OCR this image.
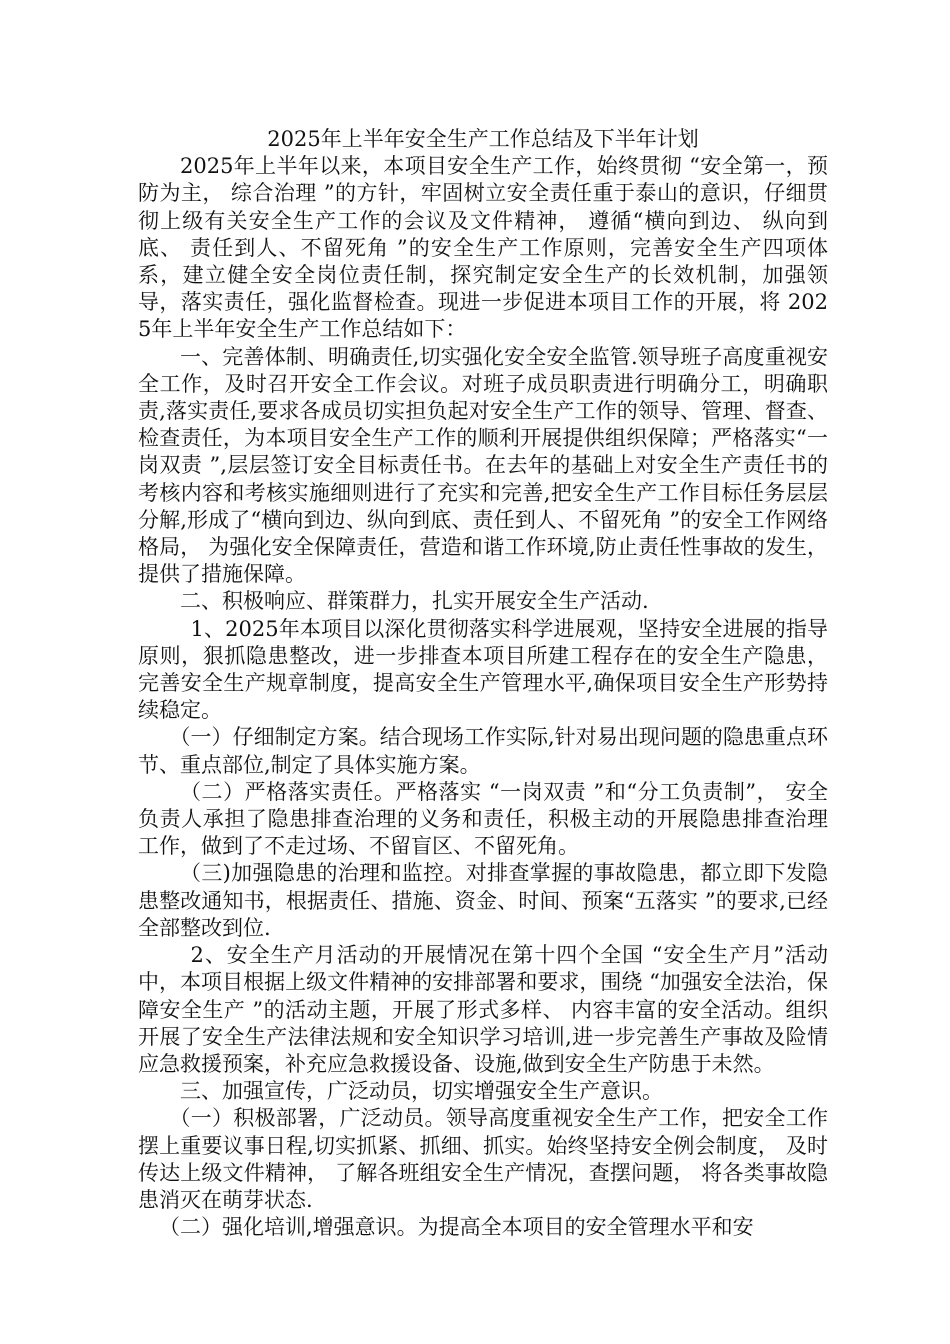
2025年上半年安全生产工作总结及下半年计划

2025年上半年以来，本项目安全生产工作，始终贯彻 “安全第一，预防为主， 综合治理 ”的方针，牢固树立安全责任重于泰山的意识，仔细贯彻上级有关安全生产工作的会议及文件精神， 遵循“横向到边、 纵向到底、 责任到人、不留死角 ”的安全生产工作原则，完善安全生产四项体系，建立健全安全岗位责任制，探究制定安全生产的长效机制，加强领导，落实责任，强化监督检查。现进一步促进本项目工作的开展，将 2025年上半年安全生产工作总结如下：

一、完善体制、明确责任,切实强化安全安全监管.领导班子高度重视安全工作，及时召开安全工作会议。对班子成员职责进行明确分工，明确职责,落实责任,要求各成员切实担负起对安全生产工作的领导、管理、督查、检查责任，为本项目安全生产工作的顺利开展提供组织保障；严格落实“一岗双责 ”,层层签订安全目标责任书。在去年的基础上对安全生产责任书的考核内容和考核实施细则进行了充实和完善,把安全生产工作目标任务层层分解,形成了“横向到边、纵向到底、责任到人、不留死角 ”的安全工作网络格局， 为强化安全保障责任，营造和谐工作环境,防止责任性事故的发生，提供了措施保障。

二、积极响应、群策群力，扎实开展安全生产活动.

1、2025年本项目以深化贯彻落实科学进展观，坚持安全进展的指导原则，狠抓隐患整改，进一步排查本项目所建工程存在的安全生产隐患，完善安全生产规章制度，提高安全生产管理水平,确保项目安全生产形势持续稳定。

（一）仔细制定方案。结合现场工作实际,针对易出现问题的隐患重点环节、重点部位,制定了具体实施方案。

（二）严格落实责任。严格落实 “一岗双责 ”和“分工负责制”， 安全负责人承担了隐患排查治理的义务和责任，积极主动的开展隐患排查治理工作，做到了不走过场、不留盲区、不留死角。

（三)加强隐患的治理和监控。对排查掌握的事故隐患，都立即下发隐患整改通知书，根据责任、措施、资金、时间、预案“五落实 ”的要求,已经全部整改到位.

2、安全生产月活动的开展情况在第十四个全国 “安全生产月”活动中，本项目根据上级文件精神的安排部署和要求，围绕 “加强安全法治，保障安全生产 ”的活动主题，开展了形式多样、 内容丰富的安全活动。组织开展了安全生产法律法规和安全知识学习培训,进一步完善生产事故及险情应急救援预案，补充应急救援设备、设施,做到安全生产防患于未然。

三、加强宣传，广泛动员，切实增强安全生产意识。

（一）积极部署，广泛动员。领导高度重视安全生产工作，把安全工作摆上重要议事日程,切实抓紧、抓细、抓实。始终坚持安全例会制度， 及时传达上级文件精神， 了解各班组安全生产情况，查摆问题， 将各类事故隐患消灭在萌芽状态.

（二）强化培训,增强意识。为提高全本项目的安全管理水平和安
